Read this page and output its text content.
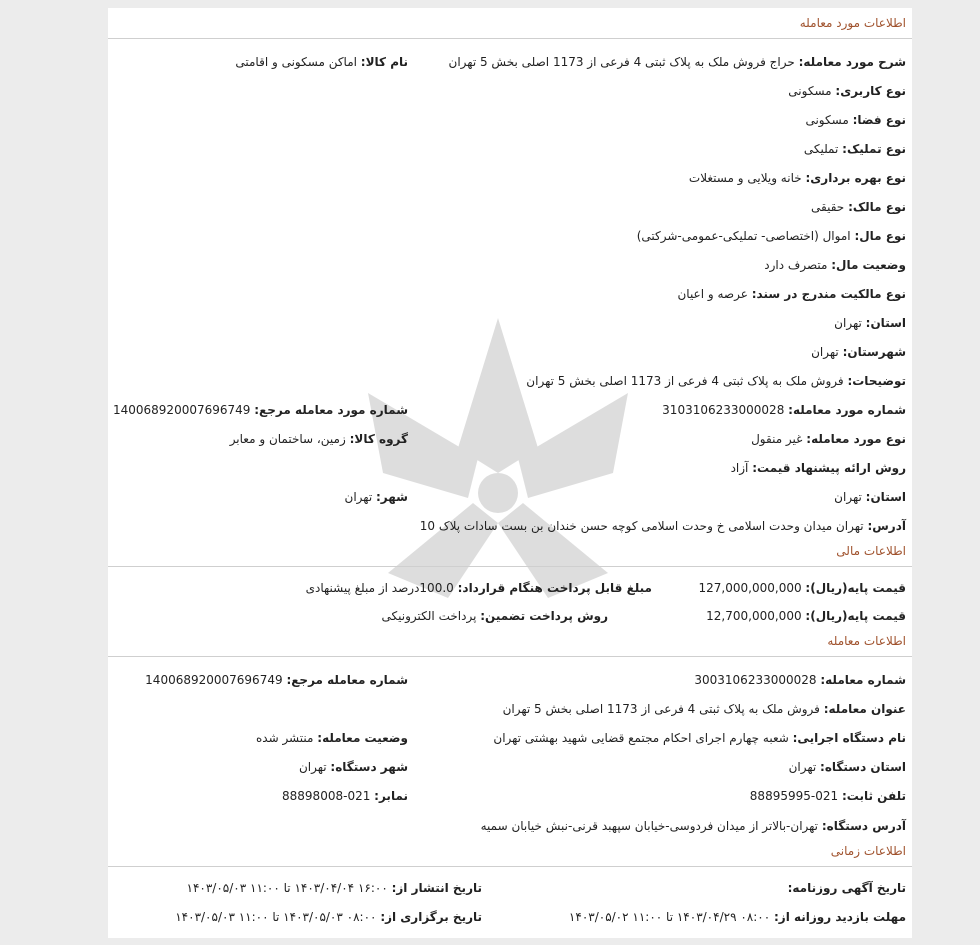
اطلاعات مورد معامله
شرح مورد معامله: حراج فروش ملک به پلاک ثبتی 4 فرعی از 1173 اصلی بخش 5 تهران
نام کالا: اماکن مسکونی و اقامتی
نوع کاربری: مسکونی
نوع فضا: مسکونی
نوع تملیک: تملیکی
نوع بهره برداری: خانه ویلایی و مستغلات
نوع مالک: حقیقی
نوع مال: اموال (اختصاصی- تملیکی-عمومی-شرکتی)
وضعیت مال: متصرف دارد
نوع مالکیت مندرج در سند: عرصه و اعیان
استان: تهران
شهرستان: تهران
توضیحات: فروش ملک به پلاک ثبتی 4 فرعی از 1173 اصلی بخش 5 تهران
شماره مورد معامله: 3103106233000028
شماره مورد معامله مرجع: 140068920007696749
نوع مورد معامله: غیر منقول
گروه کالا: زمین، ساختمان و معابر
روش ارائه پیشنهاد قیمت: آزاد
استان: تهران
شهر: تهران
آدرس: تهران میدان وحدت اسلامی خ وحدت اسلامی کوچه حسن خندان بن بست سادات پلاک 10
اطلاعات مالی
قیمت پایه(ریال): 127,000,000,000
مبلغ قابل پرداخت هنگام قرارداد: 100.0درصد از مبلغ پیشنهادی
قیمت پایه(ریال): 12,700,000,000
روش پرداخت تضمین: پرداخت الکترونیکی
اطلاعات معامله
شماره معامله: 3003106233000028
شماره معامله مرجع: 140068920007696749
عنوان معامله: فروش ملک به پلاک ثبتی 4 فرعی از 1173 اصلی بخش 5 تهران
نام دستگاه اجرایی: شعبه چهارم اجرای احکام مجتمع قضایی شهید بهشتی تهران
وضعیت معامله: منتشر شده
استان دستگاه: تهران
شهر دستگاه: تهران
تلفن ثابت: 021-88895995
نمابر: 021-88898008
آدرس دستگاه: تهران-بالاتر از میدان فردوسی-خیابان سپهبد قرنی-نبش خیابان سمیه
اطلاعات زمانی
تاریخ آگهی روزنامه:
تاریخ انتشار از: ۱۶:۰۰ ۱۴۰۳/۰۴/۰۴ تا ۱۱:۰۰ ۱۴۰۳/۰۵/۰۳
مهلت بازدید روزانه از: ۰۸:۰۰ ۱۴۰۳/۰۴/۲۹ تا ۱۱:۰۰ ۱۴۰۳/۰۵/۰۲
تاریخ برگزاری از: ۰۸:۰۰ ۱۴۰۳/۰۵/۰۳ تا ۱۱:۰۰ ۱۴۰۳/۰۵/۰۳
